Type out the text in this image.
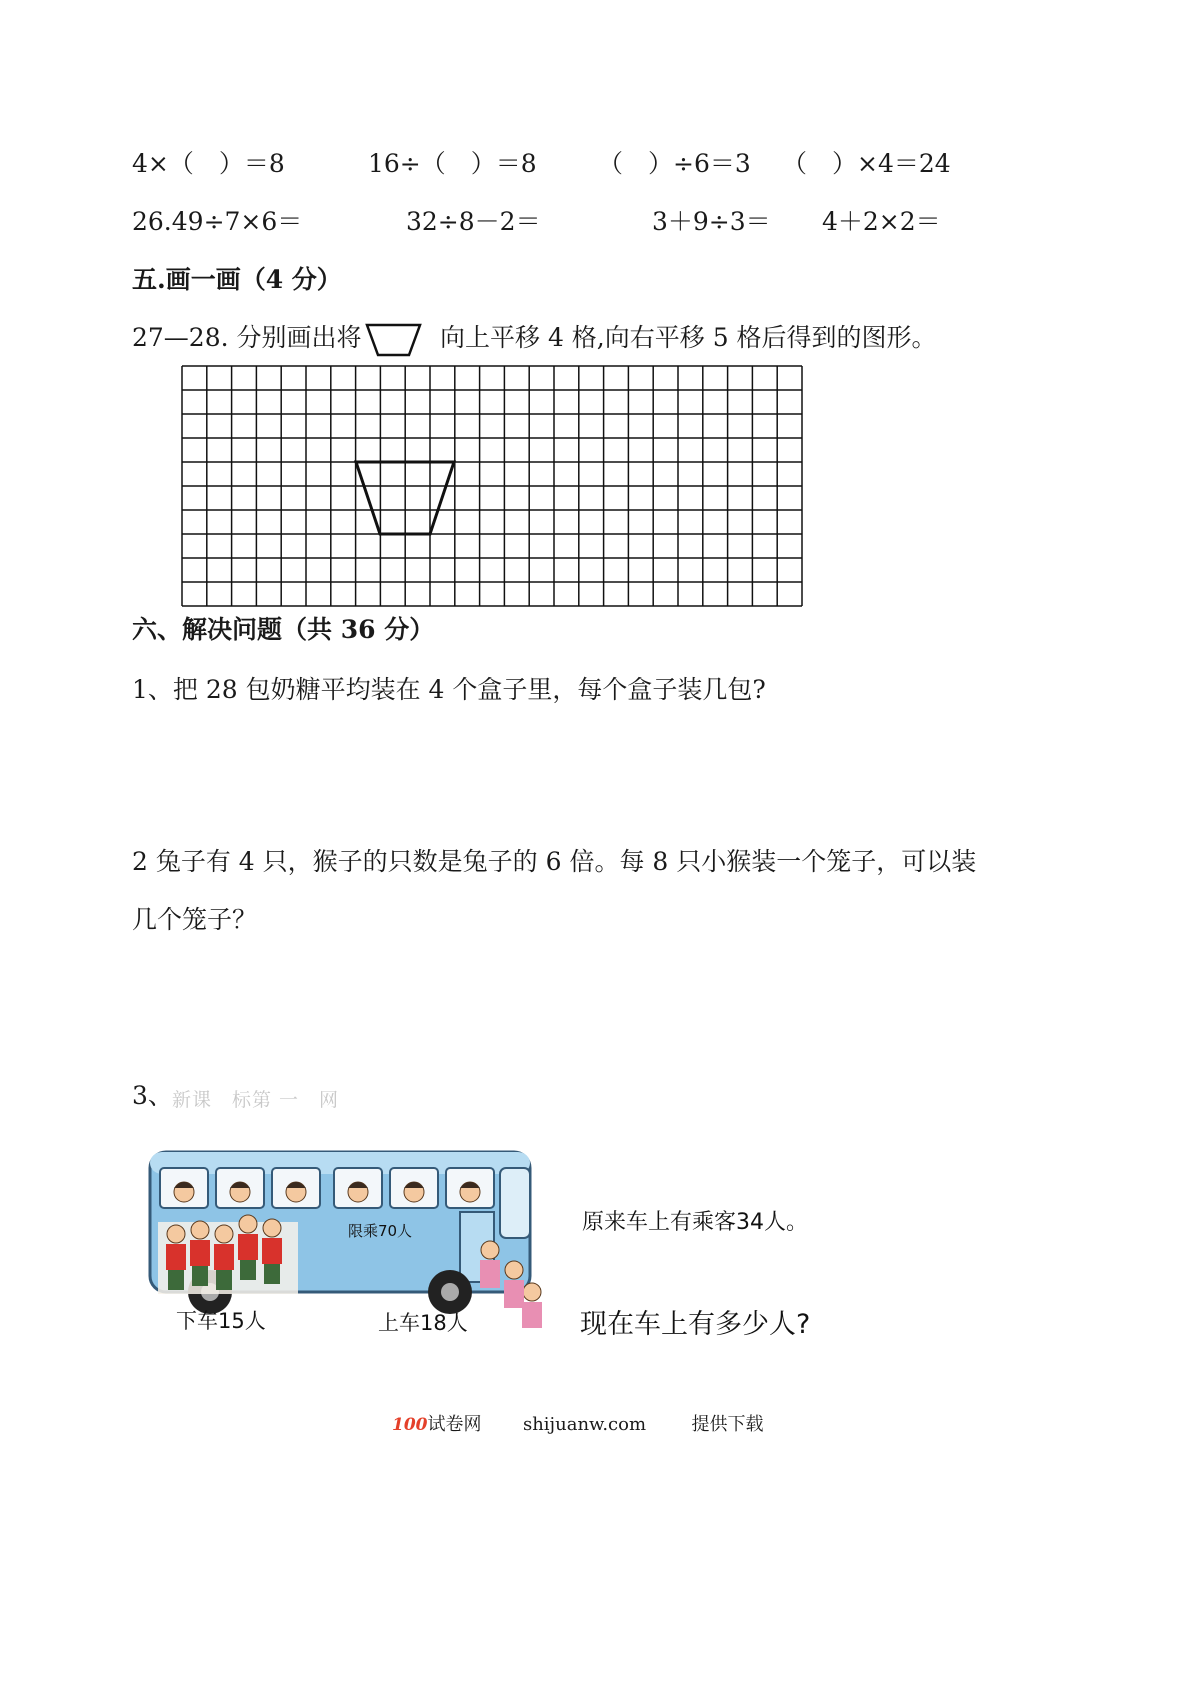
4×（　）＝8	16÷（　）＝8 （　）÷6＝3 （　）×4＝24
26.49÷7×6＝	32÷8－2＝	3＋9÷3＝ 4＋2×2＝
五.画一画（4 分）
27—28. 分别画出将	向上平移 4 格,向右平移 5 格后得到的图形。
六、解决问题（共 36 分）
1、把 28 包奶糖平均装在 4 个盒子里，每个盒子装几包?
2 兔子有 4 只，猴子的只数是兔子的 6 倍。每 8 只小猴装一个笼子，可以装
几个笼子？
3、 新课　标第 一　网
限乘70人
下车15人	上车18人
原来车上有乘客34人。
现在车上有多少人?
100试卷网 shijuanw.com	提供下载
